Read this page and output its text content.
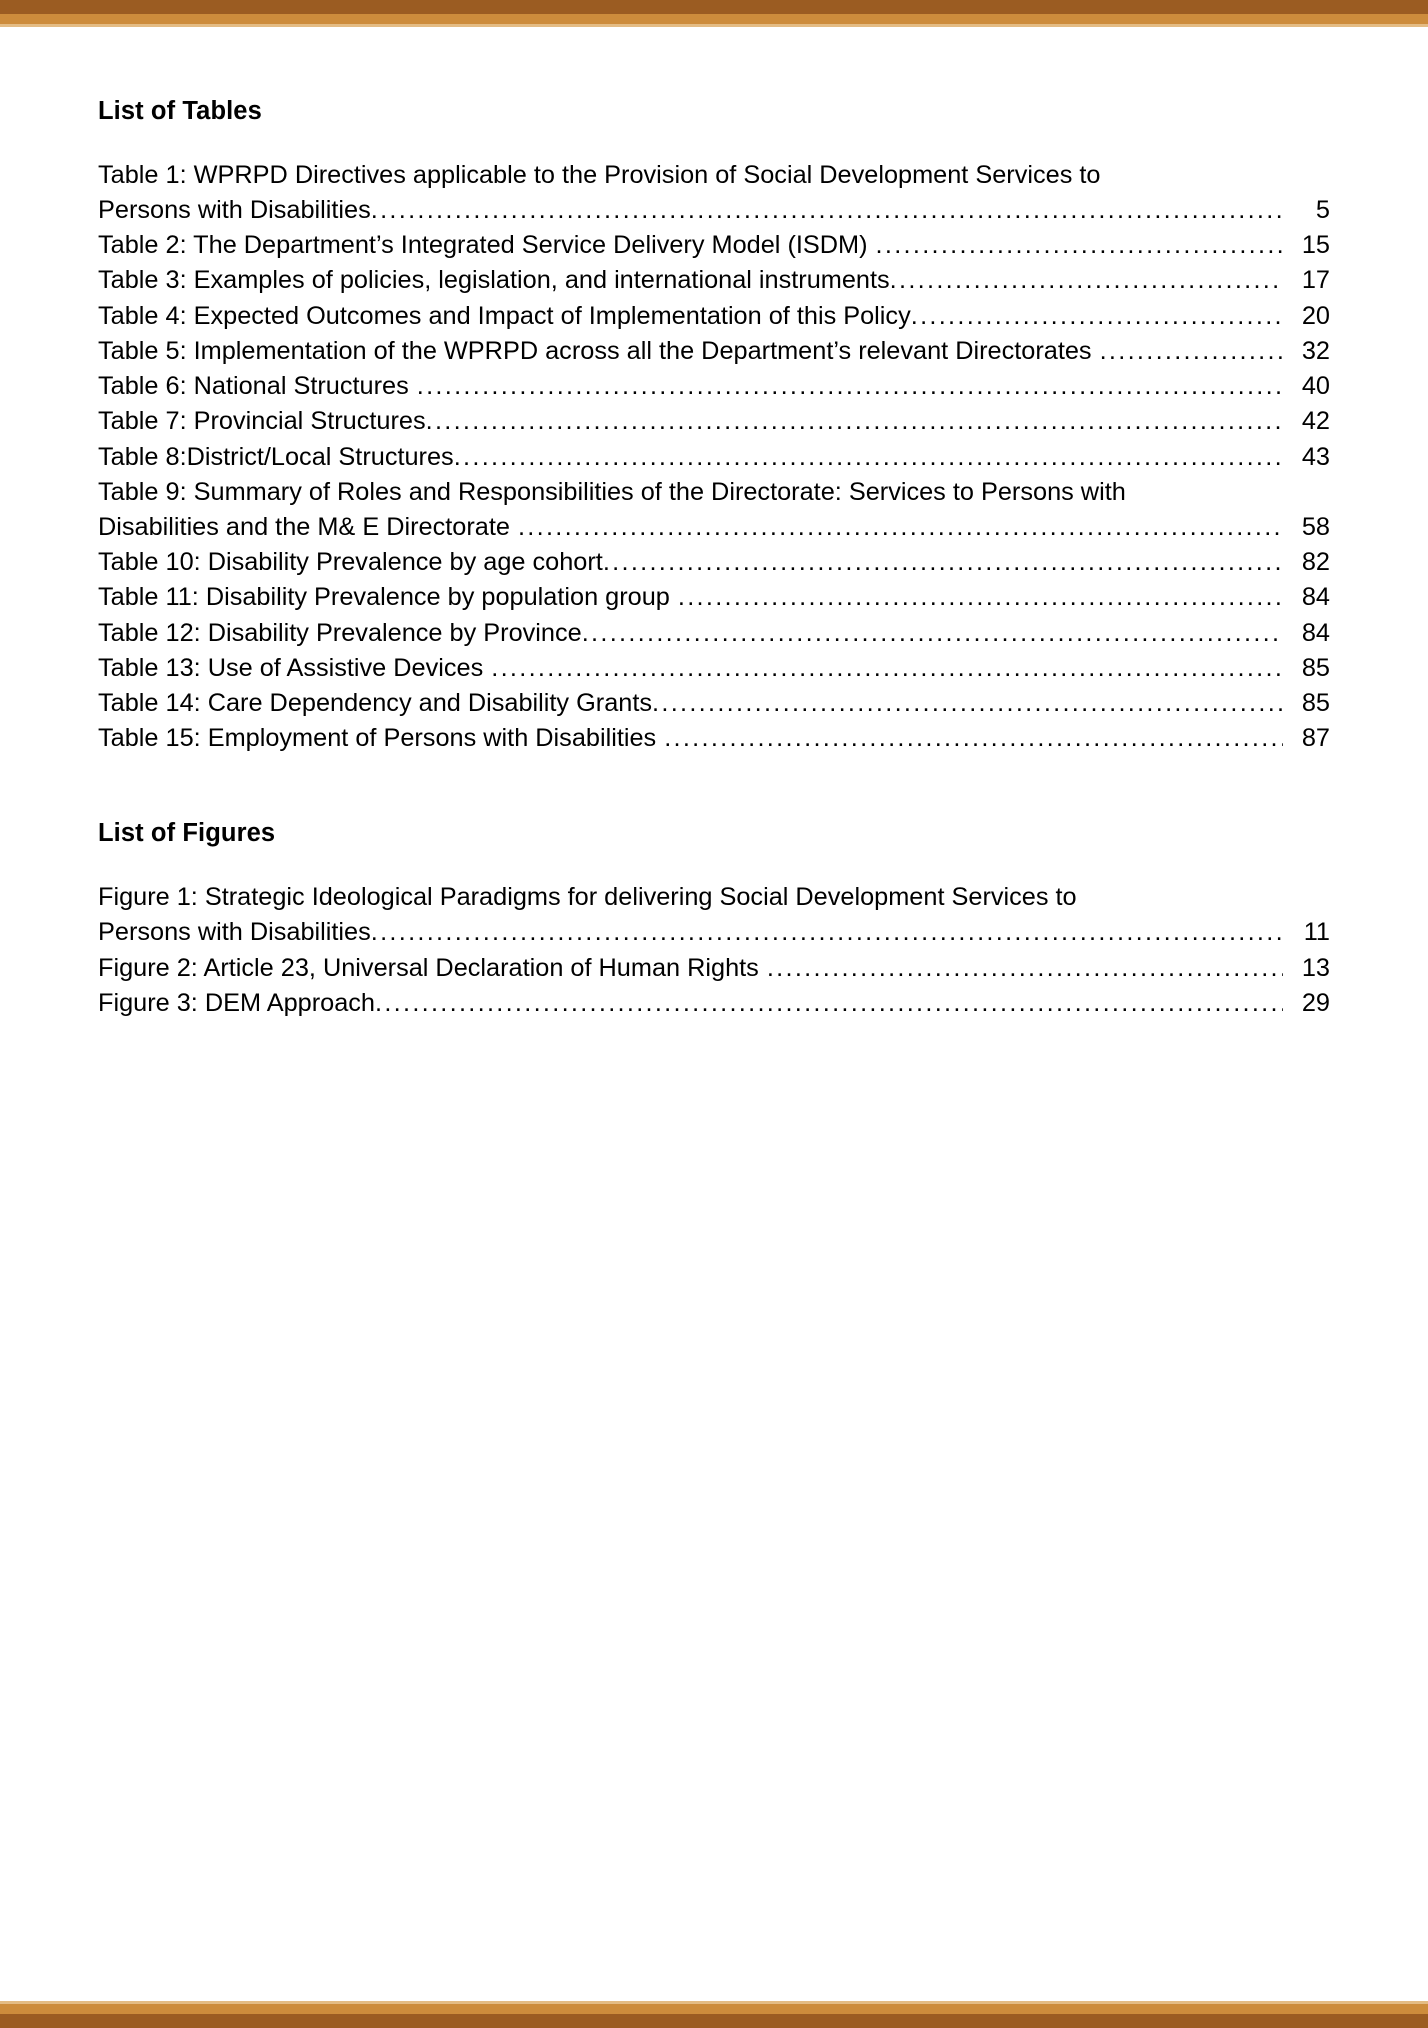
List of Tables
Table 1: WPRPD Directives applicable to the Provision of Social Development Services to
Persons with Disabilities .....	5
Table 2: The Department’s Integrated Service Delivery Model (ISDM) .....	15
Table 3: Examples of policies, legislation, and international instruments .....	17
Table 4: Expected Outcomes and Impact of Implementation of this Policy .....	20
Table 5: Implementation of the WPRPD across all the Department’s relevant Directorates .....	32
Table 6: National Structures .....	40
Table 7: Provincial Structures .....	42
Table 8:District/Local Structures .....	43
Table 9: Summary of Roles and Responsibilities of the Directorate: Services to Persons with
Disabilities and the M& E Directorate .....	58
Table 10: Disability Prevalence by age cohort .....	82
Table 11: Disability Prevalence by population group .....	84
Table 12: Disability Prevalence by Province .....	84
Table 13: Use of Assistive Devices .....	85
Table 14: Care Dependency and Disability Grants .....	85
Table 15: Employment of Persons with Disabilities .....	87
List of Figures
Figure 1: Strategic Ideological Paradigms for delivering Social Development Services to
Persons with Disabilities .....	11
Figure 2: Article 23, Universal Declaration of Human Rights .....	13
Figure 3: DEM Approach .....	29
